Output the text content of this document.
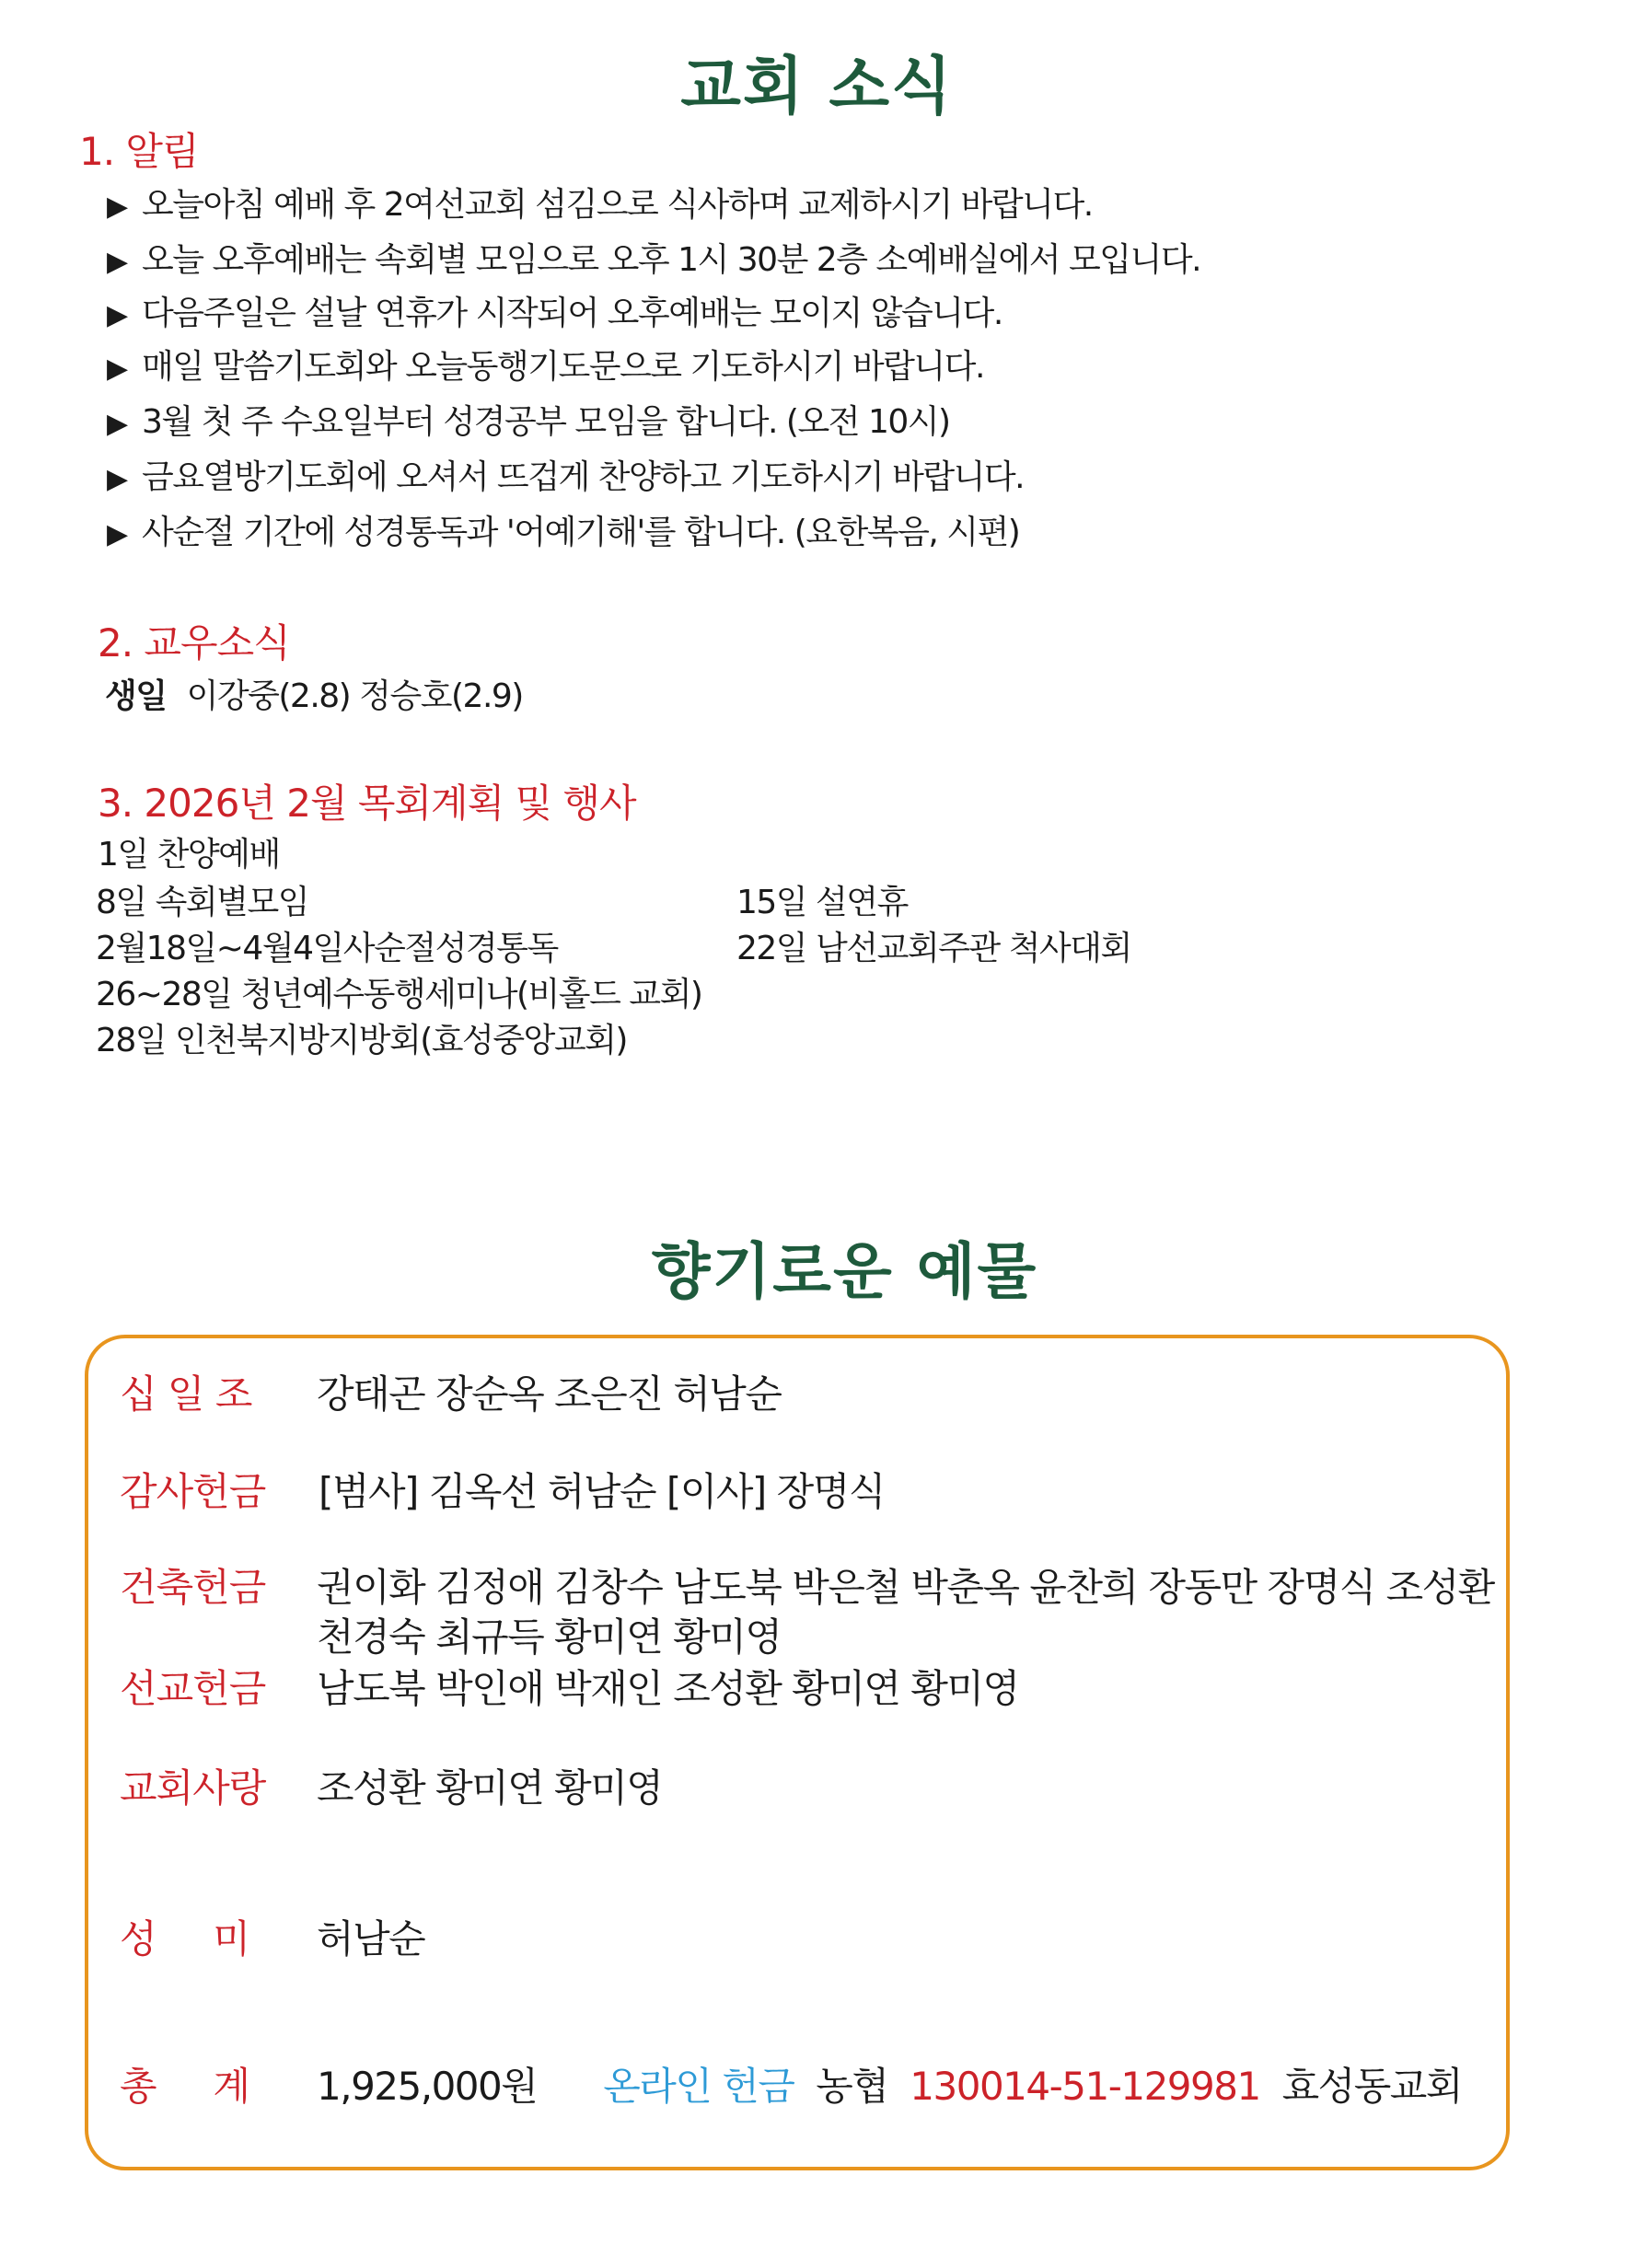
교회 소식
1. 알림
▶ 오늘아침 예배 후 2여선교회 섬김으로 식사하며 교제하시기 바랍니다.
▶ 오늘 오후예배는 속회별 모임으로 오후 1시 30분 2층 소예배실에서 모입니다.
▶ 다음주일은 설날 연휴가 시작되어 오후예배는 모이지 않습니다.
▶ 매일 말씀기도회와 오늘동행기도문으로 기도하시기 바랍니다.
▶ 3월 첫 주 수요일부터 성경공부 모임을 합니다. (오전 10시)
▶ 금요열방기도회에 오셔서 뜨겁게 찬양하고 기도하시기 바랍니다.
▶ 사순절 기간에 성경통독과 '어예기해'를 합니다. (요한복음, 시편)
2. 교우소식
생일 이강중(2.8) 정승호(2.9)
3. 2026년 2월 목회계획 및 행사
1일 찬양예배
8일 속회별모임
2월18일~4월4일사순절성경통독
26~28일 청년예수동행세미나(비홀드 교회)
28일 인천북지방지방회(효성중앙교회)
15일 설연휴
22일 남선교회주관 척사대회
향기로운 예물
십 일 조 강태곤 장순옥 조은진 허남순
감사헌금 [범사] 김옥선 허남순 [이사] 장명식
건축헌금 권이화 김정애 김창수 남도북 박은철 박춘옥 윤찬희 장동만 장명식 조성환
천경숙 최규득 황미연 황미영
선교헌금 남도북 박인애 박재인 조성환 황미연 황미영
교회사랑 조성환 황미연 황미영
성     미 허남순
총     계 1,925,000원 온라인 헌금 농협 130014-51-129981 효성동교회
